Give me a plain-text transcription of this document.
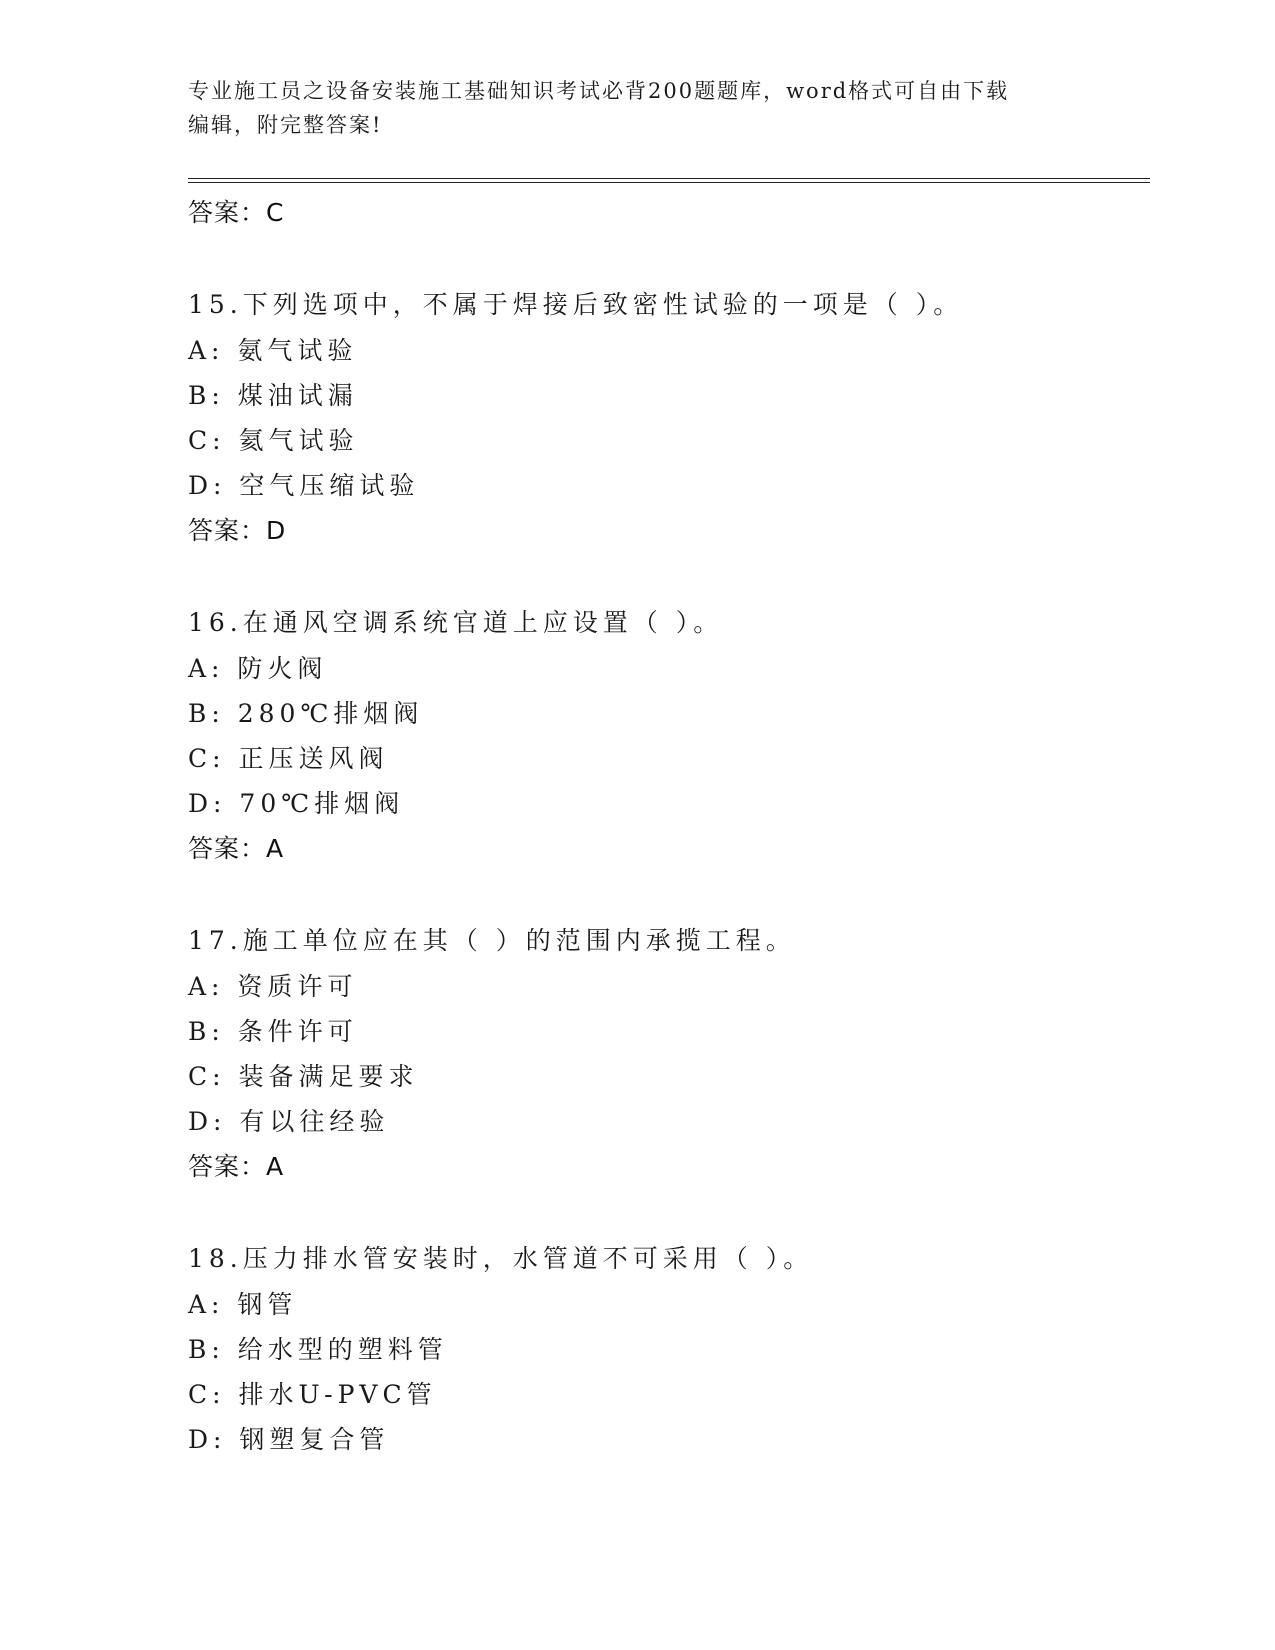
专业施工员之设备安装施工基础知识考试必背200题题库，word格式可自由下载
编辑，附完整答案!
答案：C
15.下列选项中，不属于焊接后致密性试验的一项是（ ）。
A: 氨气试验
B: 煤油试漏
C: 氦气试验
D: 空气压缩试验
答案：D
16.在通风空调系统官道上应设置（ ）。
A: 防火阀
B: 280℃排烟阀
C: 正压送风阀
D: 70℃排烟阀
答案：A
17.施工单位应在其（ ）的范围内承揽工程。
A: 资质许可
B: 条件许可
C: 装备满足要求
D: 有以往经验
答案：A
18.压力排水管安装时，水管道不可采用（ ）。
A: 钢管
B: 给水型的塑料管
C: 排水U-PVC管
D: 钢塑复合管
